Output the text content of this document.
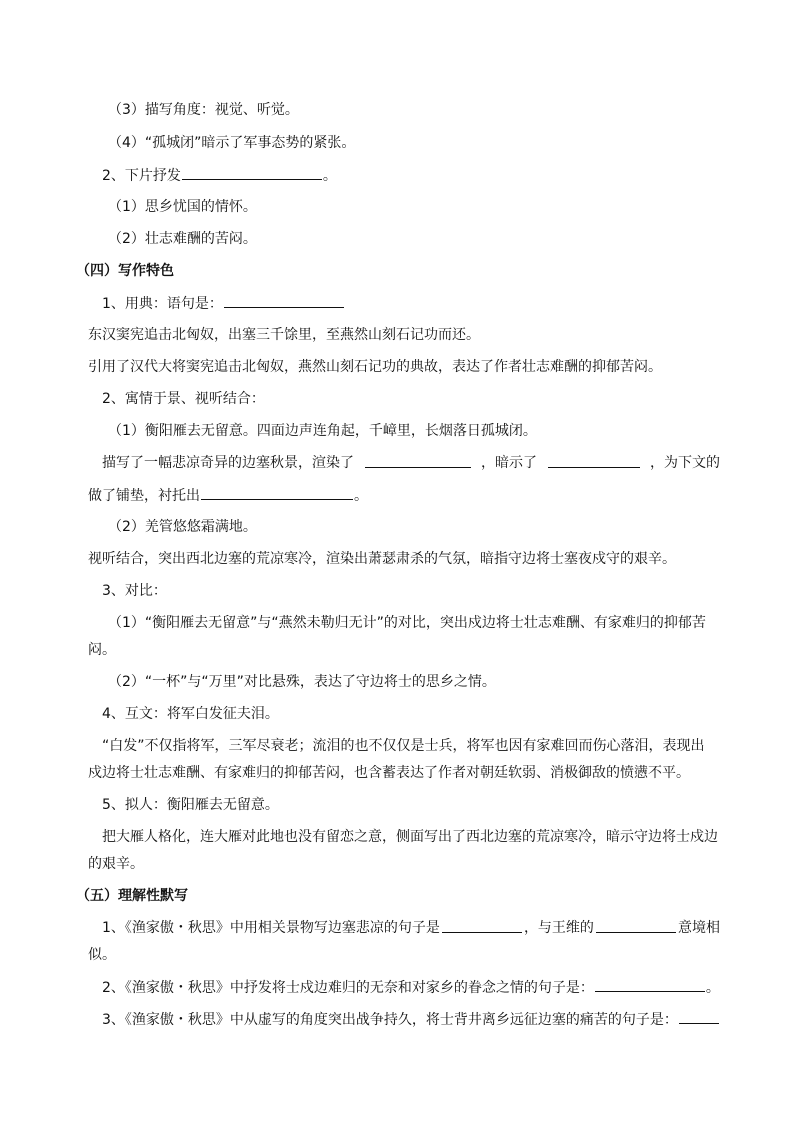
（3）描写角度：视觉、听觉。
（4）“孤城闭”暗示了军事态势的紧张。
2、下片抒发	。
（1）思乡忧国的情怀。
（2）壮志难酬的苦闷。
（四）写作特色
1、用典：语句是：
东汉窦宪追击北匈奴，出塞三千馀里，至燕然山刻石记功而还。
引用了汉代大将窦宪追击北匈奴，燕然山刻石记功的典故，表达了作者壮志难酬的抑郁苦闷。
2、寓情于景、视听结合：
（1）衡阳雁去无留意。四面边声连角起，千嶂里，长烟落日孤城闭。
描写了一幅悲凉奇异的边塞秋景，渲染了	，暗示了	，为下文的
做了铺垫，衬托出	。
（2）羌管悠悠霜满地。
视听结合，突出西北边塞的荒凉寒冷，渲染出萧瑟肃杀的气氛，暗指守边将士塞夜戍守的艰辛。
3、对比：
（1）“衡阳雁去无留意”与“燕然未勒归无计”的对比，突出戍边将士壮志难酬、有家难归的抑郁苦
闷。
（2）“一杯”与“万里”对比悬殊，表达了守边将士的思乡之情。
4、互文：将军白发征夫泪。
“白发”不仅指将军，三军尽衰老；流泪的也不仅仅是士兵，将军也因有家难回而伤心落泪，表现出
戍边将士壮志难酬、有家难归的抑郁苦闷，也含蓄表达了作者对朝廷软弱、消极御敌的愤懑不平。
5、拟人：衡阳雁去无留意。
把大雁人格化，连大雁对此地也没有留恋之意，侧面写出了西北边塞的荒凉寒冷，暗示守边将士戍边
的艰辛。
（五）理解性默写
1、《渔家傲・秋思》中用相关景物写边塞悲凉的句子是	，与王维的	意境相
似。
2、《渔家傲・秋思》中抒发将士戍边难归的无奈和对家乡的眷念之情的句子是：	。
3、《渔家傲・秋思》中从虚写的角度突出战争持久，将士背井离乡远征边塞的痛苦的句子是：
